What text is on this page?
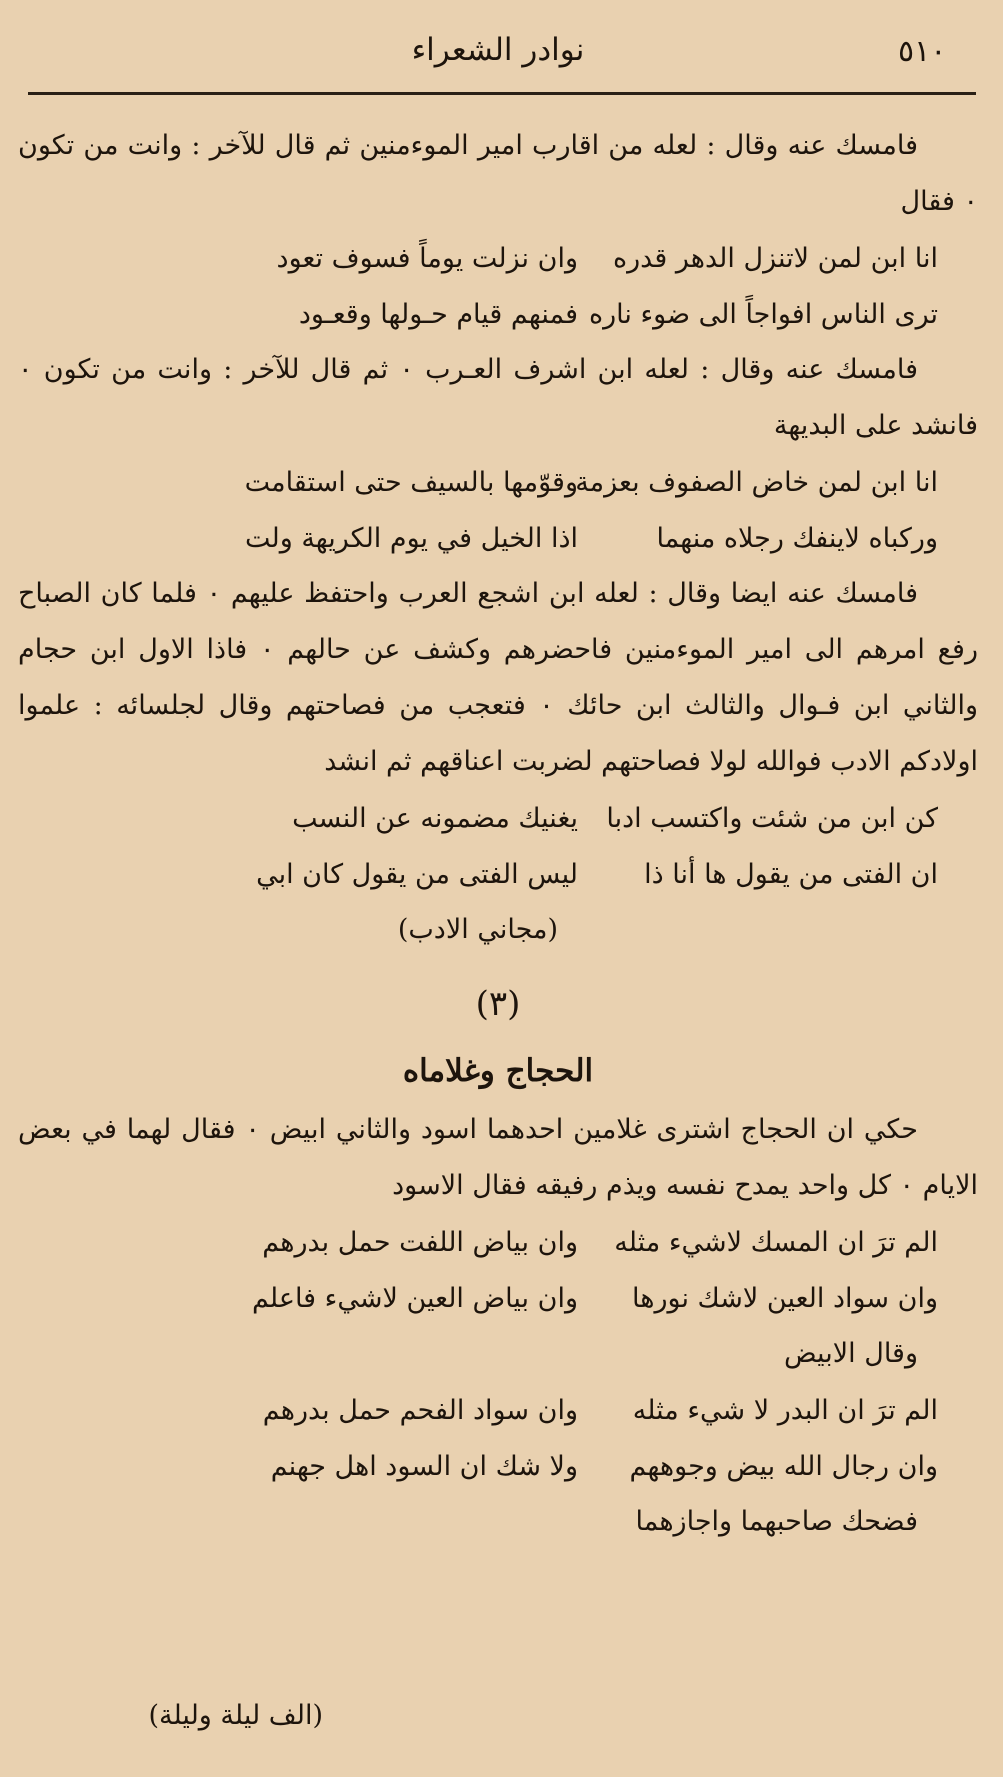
٥١٠
نوادر الشعراء

فامسك عنه وقال : لعله من اقارب امير الموءمنين ثم قال للآخر : وانت من تكون ٠ فقال

انا ابن لمن لاتنزل الدهر قدره
وان نزلت يوماً فسوف تعود
ترى الناس افواجاً الى ضوء ناره
فمنهم قيام حـولها وقعـود

فامسك عنه وقال : لعله ابن اشرف العـرب ٠ ثم قال للآخر : وانت من تكون ٠ فانشد على البديهة

انا ابن لمن خاض الصفوف بعزمة
وقوّمها بالسيف حتى استقامت
وركباه لاينفك رجلاه منهما
اذا الخيل في يوم الكريهة ولت

فامسك عنه ايضا وقال : لعله ابن اشجع العرب واحتفظ عليهم ٠ فلما كان الصباح رفع امرهم الى امير الموءمنين فاحضرهم وكشف عن حالهم ٠ فاذا الاول ابن حجام والثاني ابن فـوال والثالث ابن حائك ٠ فتعجب من فصاحتهم وقال لجلسائه : علموا اولادكم الادب فوالله لولا فصاحتهم لضربت اعناقهم ثم انشد

كن ابن من شئت واكتسب ادبا
يغنيك مضمونه عن النسب
ان الفتى من يقول ها أنا ذا
ليس الفتى من يقول كان ابي
(مجاني الادب)
(٣)
الحجاج وغلاماه

حكي ان الحجاج اشترى غلامين احدهما اسود والثاني ابيض ٠ فقال لهما في بعض الايام ٠ كل واحد يمدح نفسه ويذم رفيقه فقال الاسود

الم ترَ ان المسك لاشيء مثله
وان بياض اللفت حمل بدرهم
وان سواد العين لاشك نورها
وان بياض العين لاشيء فاعلم
وقال الابيض
الم ترَ ان البدر لا شيء مثله
وان سواد الفحم حمل بدرهم
وان رجال الله بيض وجوههم
ولا شك ان السود اهل جهنم
فضحك صاحبهما واجازهما
(الف ليلة وليلة)
